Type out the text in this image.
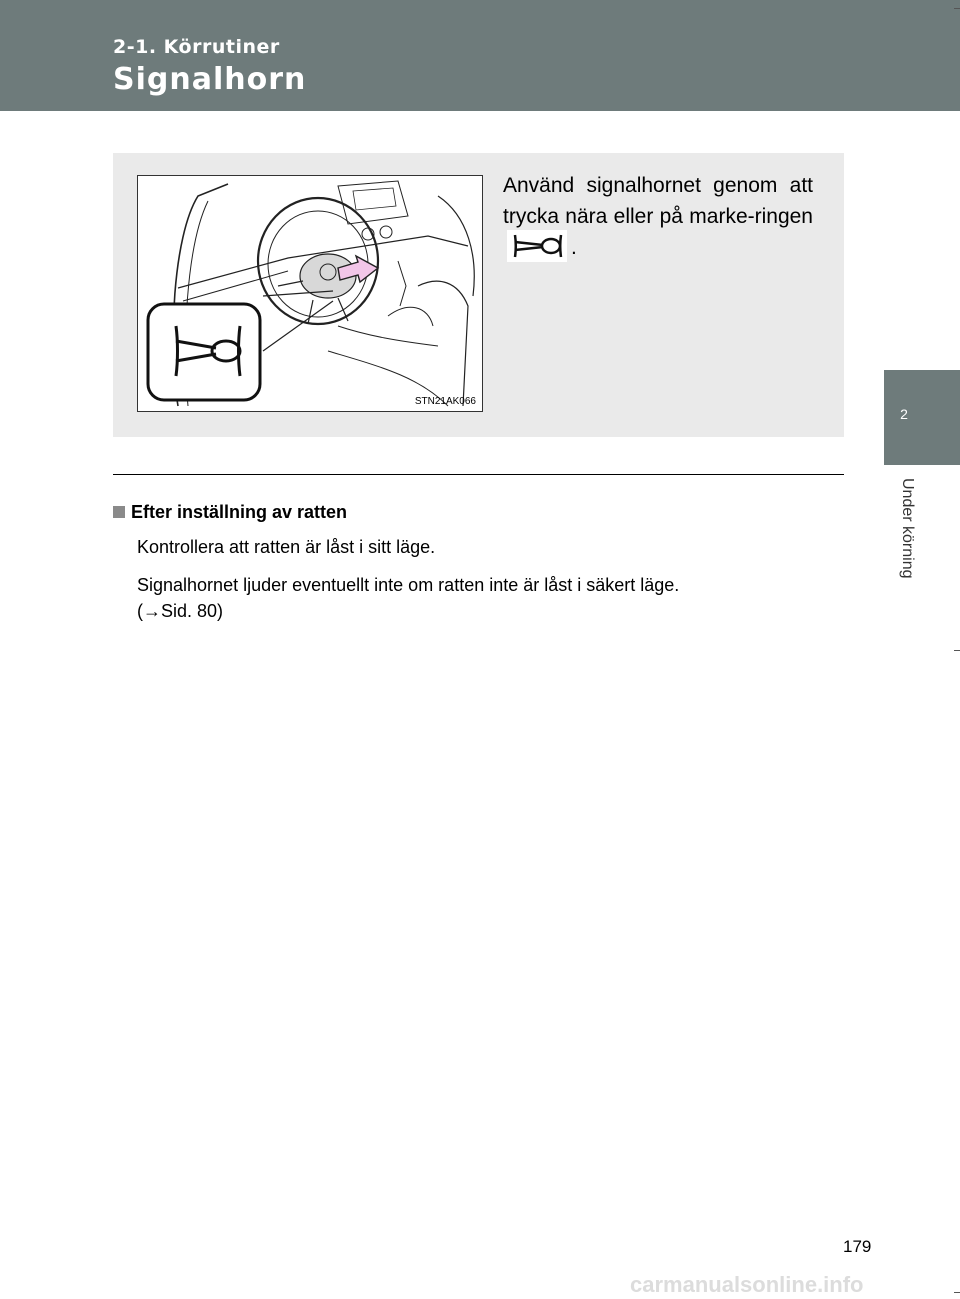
2-1. Körrutiner
Signalhorn
2
Under körning
STN21AK066
Använd signalhornet genom att trycka nära eller på marke-ringen .
Efter inställning av ratten
Kontrollera att ratten är låst i sitt läge.
Signalhornet ljuder eventuellt inte om ratten inte är låst i säkert läge.
(→Sid. 80)
179
carmanualsonline.info
